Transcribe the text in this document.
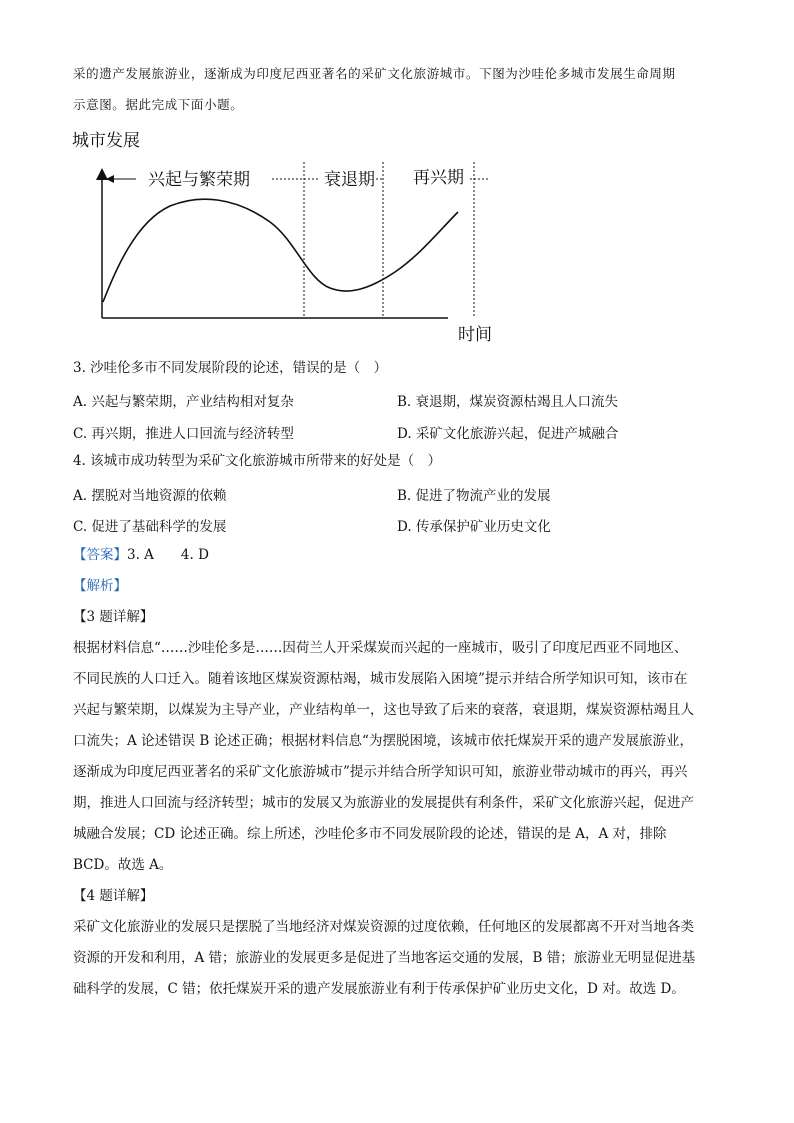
采的遗产发展旅游业，逐渐成为印度尼西亚著名的采矿文化旅游城市。下图为沙哇伦多城市发展生命周期
示意图。据此完成下面小题。
城市发展
兴起与繁荣期	衰退期 再兴期
时间
3. 沙哇伦多市不同发展阶段的论述，错误的是（　）
A. 兴起与繁荣期，产业结构相对复杂	B. 衰退期，煤炭资源枯竭且人口流失
C. 再兴期，推进人口回流与经济转型	D. 采矿文化旅游兴起，促进产城融合
4. 该城市成功转型为采矿文化旅游城市所带来的好处是（　）
A. 摆脱对当地资源的依赖	B. 促进了物流产业的发展
C. 促进了基础科学的发展	D. 传承保护矿业历史文化
【答案】3. A　　4. D
【解析】
【3 题详解】
根据材料信息“……沙哇伦多是……因荷兰人开采煤炭而兴起的一座城市，吸引了印度尼西亚不同地区、
不同民族的人口迁入。随着该地区煤炭资源枯竭，城市发展陷入困境”提示并结合所学知识可知，该市在
兴起与繁荣期，以煤炭为主导产业，产业结构单一，这也导致了后来的衰落，衰退期，煤炭资源枯竭且人
口流失；A 论述错误 B 论述正确；根据材料信息“为摆脱困境，该城市依托煤炭开采的遗产发展旅游业，
逐渐成为印度尼西亚著名的采矿文化旅游城市”提示并结合所学知识可知，旅游业带动城市的再兴，再兴
期，推进人口回流与经济转型；城市的发展又为旅游业的发展提供有利条件，采矿文化旅游兴起，促进产
城融合发展；CD 论述正确。综上所述，沙哇伦多市不同发展阶段的论述，错误的是 A，A 对，排除
BCD。故选 A。
【4 题详解】
采矿文化旅游业的发展只是摆脱了当地经济对煤炭资源的过度依赖，任何地区的发展都离不开对当地各类
资源的开发和利用，A 错；旅游业的发展更多是促进了当地客运交通的发展，B 错；旅游业无明显促进基
础科学的发展，C 错；依托煤炭开采的遗产发展旅游业有利于传承保护矿业历史文化，D 对。故选 D。
